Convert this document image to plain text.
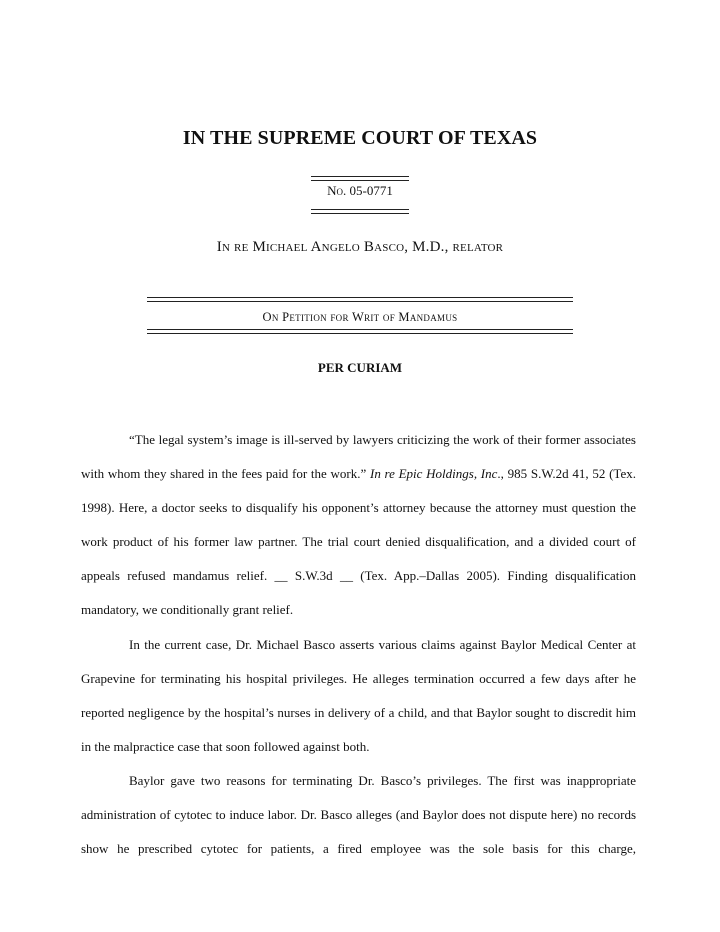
IN THE SUPREME COURT OF TEXAS
No. 05-0771
In re Michael Angelo Basco, M.D., relator
On Petition for Writ of Mandamus
PER CURIAM

“The legal system’s image is ill-served by lawyers criticizing the work of their former associates with whom they shared in the fees paid for the work.” In re Epic Holdings, Inc., 985 S.W.2d 41, 52 (Tex. 1998). Here, a doctor seeks to disqualify his opponent’s attorney because the attorney must question the work product of his former law partner. The trial court denied disqualification, and a divided court of appeals refused mandamus relief. __ S.W.3d __ (Tex. App.–Dallas 2005). Finding disqualification mandatory, we conditionally grant relief.

In the current case, Dr. Michael Basco asserts various claims against Baylor Medical Center at Grapevine for terminating his hospital privileges. He alleges termination occurred a few days after he reported negligence by the hospital’s nurses in delivery of a child, and that Baylor sought to discredit him in the malpractice case that soon followed against both.

Baylor gave two reasons for terminating Dr. Basco’s privileges. The first was inappropriate administration of cytotec to induce labor. Dr. Basco alleges (and Baylor does not dispute here) no records show he prescribed cytotec for patients, a fired employee was the sole basis for this charge,
